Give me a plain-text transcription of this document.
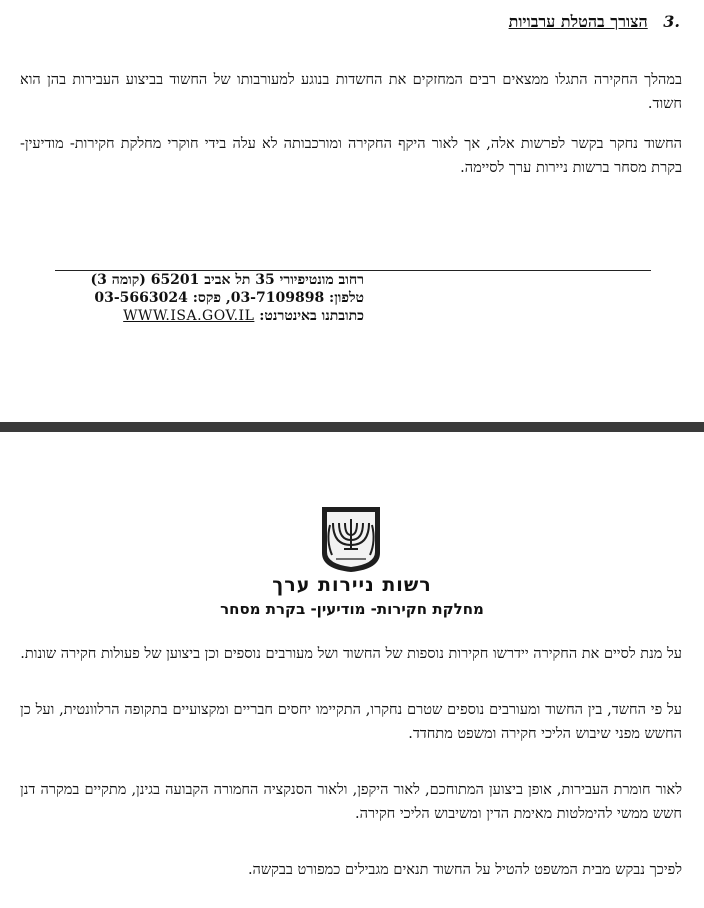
.3 הצורך בהטלת ערבויות
במהלך החקירה התגלו ממצאים רבים המחזקים את החשדות בנוגע למעורבותו של החשוד בביצוע העבירות בהן הוא חשוד.
החשוד נחקר בקשר לפרשות אלה, אך לאור היקף החקירה ומורכבותה לא עלה בידי חוקרי מחלקת חקירות- מודיעין- בקרת מסחר ברשות ניירות ערך לסיימה.
רחוב מונטיפיורי 35 תל אביב 65201 (קומה 3)
טלפון: 03-7109898, פקס: 03-5663024
כתובתנו באינטרנט: WWW.ISA.GOV.IL
רשות ניירות ערך
מחלקת חקירות- מודיעין- בקרת מסחר
על מנת לסיים את החקירה יידרשו חקירות נוספות של החשוד ושל מעורבים נוספים וכן ביצוען של פעולות חקירה שונות.
על פי החשד, בין החשוד ומעורבים נוספים שטרם נחקרו, התקיימו יחסים חבריים ומקצועיים בתקופה הרלוונטית, ועל כן החשש מפני שיבוש הליכי חקירה ומשפט מתחדד.
לאור חומרת העבירות, אופן ביצוען המתוחכם, לאור היקפן, ולאור הסנקציה החמורה הקבועה בגינן, מתקיים במקרה דנן חשש ממשי להימלטות מאימת הדין ומשיבוש הליכי חקירה.
לפיכך נבקש מבית המשפט להטיל על החשוד תנאים מגבילים כמפורט בבקשה.
